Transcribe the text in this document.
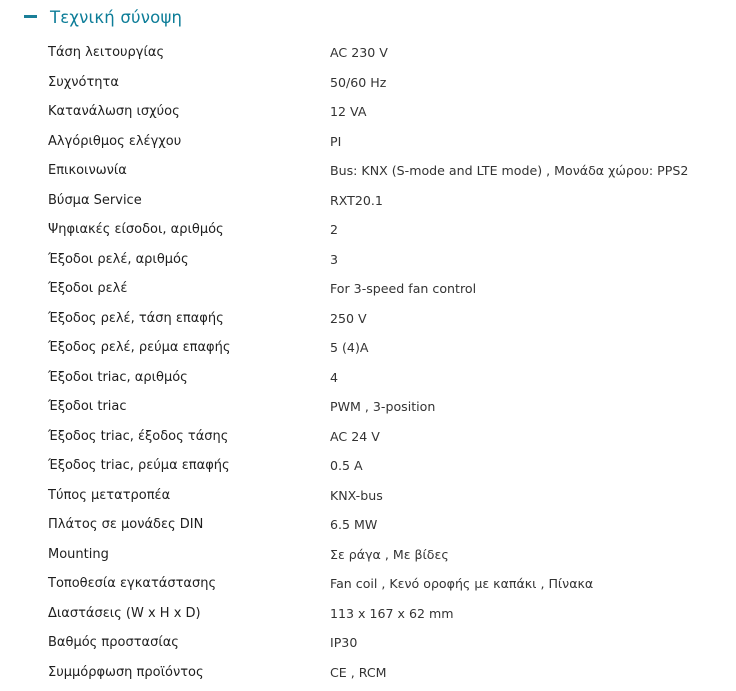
Τεχνική σύνοψη
Τάση λειτουργίας	AC 230 V
Συχνότητα	50/60 Hz
Κατανάλωση ισχύος	12 VA
Αλγόριθμος ελέγχου	PI
Επικοινωνία	Bus: KNX (S-mode and LTE mode) , Μονάδα χώρου: PPS2
Βύσμα Service	RXT20.1
Ψηφιακές είσοδοι, αριθμός	2
Έξοδοι ρελέ, αριθμός	3
Έξοδοι ρελέ	For 3-speed fan control
Έξοδος ρελέ, τάση επαφής	250 V
Έξοδος ρελέ, ρεύμα επαφής	5 (4)A
Έξοδοι triac, αριθμός	4
Έξοδοι triac	PWM , 3-position
Έξοδος triac, έξοδος τάσης	AC 24 V
Έξοδος triac, ρεύμα επαφής	0.5 A
Τύπος μετατροπέα	KNX-bus
Πλάτος σε μονάδες DIN	6.5 MW
Mounting	Σε ράγα , Με βίδες
Τοποθεσία εγκατάστασης	Fan coil , Κενό οροφής με καπάκι , Πίνακα
Διαστάσεις (W x H x D)	113 x 167 x 62 mm
Βαθμός προστασίας	IP30
Συμμόρφωση προϊόντος	CE , RCM
